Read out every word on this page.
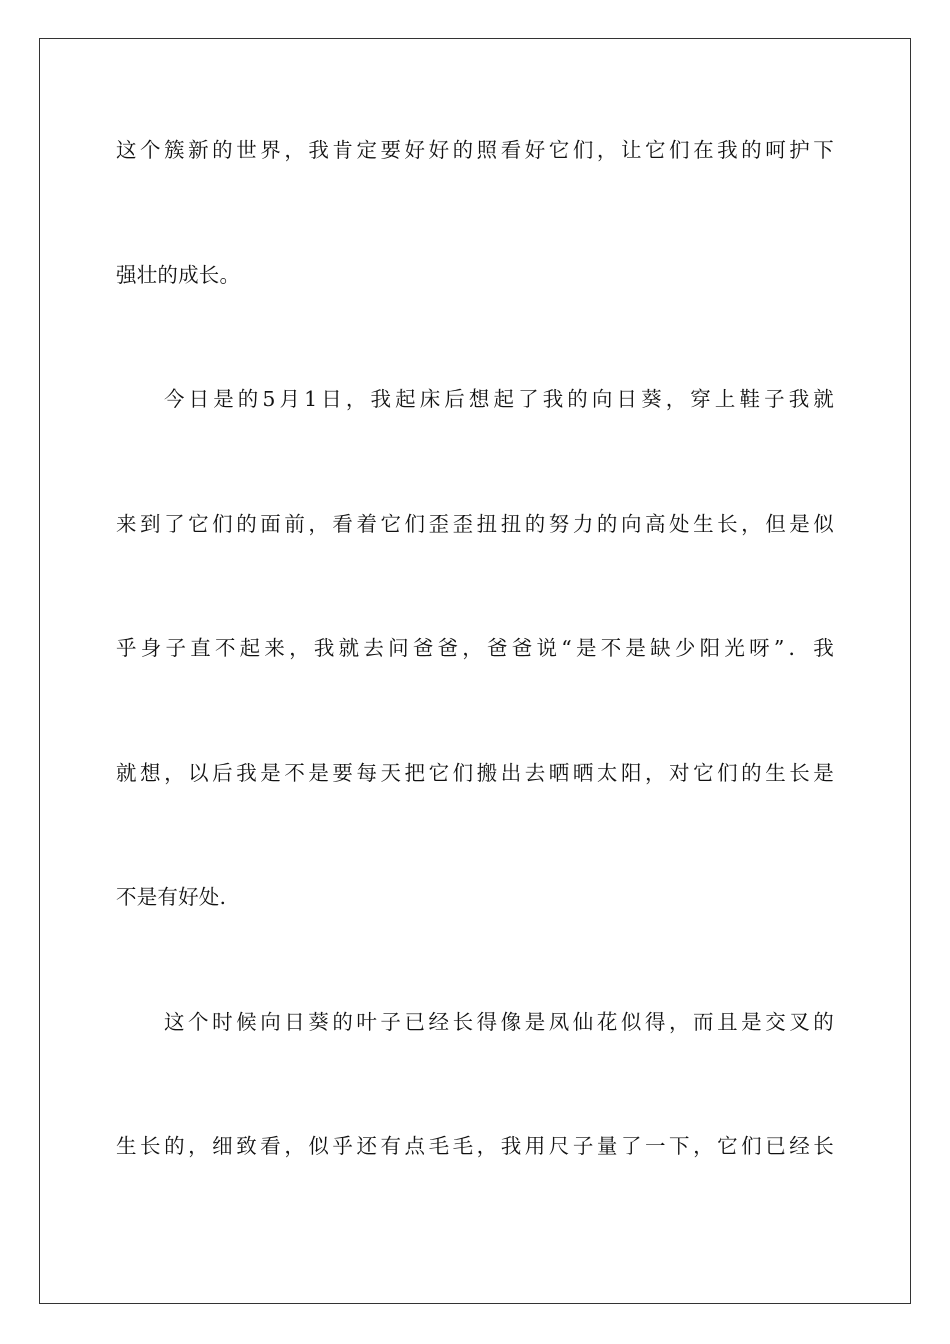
这个簇新的世界，我肯定要好好的照看好它们，让它们在我的呵护下
强壮的成长。
今日是的5月1日，我起床后想起了我的向日葵，穿上鞋子我就
来到了它们的面前，看着它们歪歪扭扭的努力的向高处生长，但是似
乎身子直不起来，我就去问爸爸，爸爸说“是不是缺少阳光呀”．我
就想，以后我是不是要每天把它们搬出去晒晒太阳，对它们的生长是
不是有好处.
这个时候向日葵的叶子已经长得像是凤仙花似得，而且是交叉的
生长的，细致看，似乎还有点毛毛，我用尺子量了一下，它们已经长
